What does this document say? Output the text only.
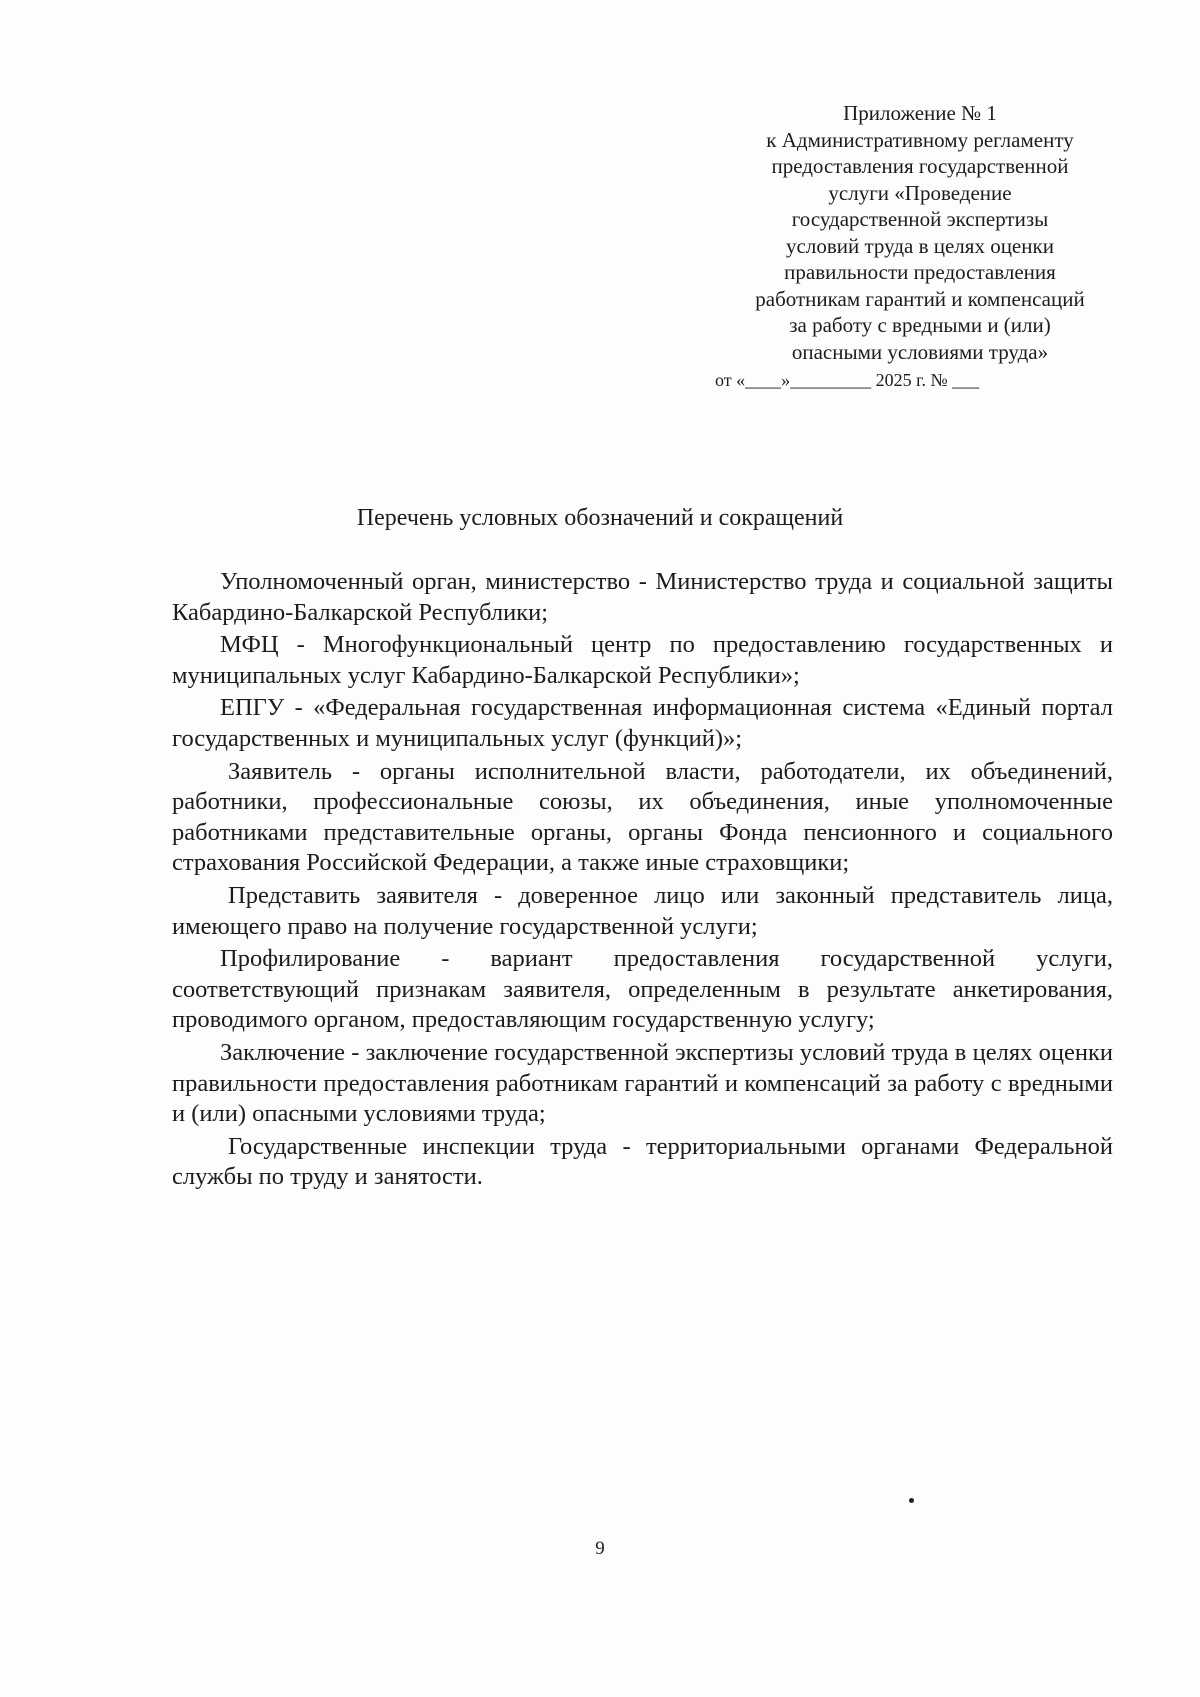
Приложение № 1
к Административному регламенту
предоставления государственной
услуги «Проведение
государственной экспертизы
условий труда в целях оценки
правильности предоставления
работникам гарантий и компенсаций
за работу с вредными и (или)
опасными условиями труда»
от «____»_________ 2025 г. № ___
Перечень условных обозначений и сокращений

Уполномоченный орган, министерство - Министерство труда и социальной защиты Кабардино-Балкарской Республики;

МФЦ - Многофункциональный центр по предоставлению государственных и муниципальных услуг Кабардино-Балкарской Республики»;

ЕПГУ - «Федеральная государственная информационная система «Единый портал государственных и муниципальных услуг (функций)»;

Заявитель - органы исполнительной власти, работодатели, их объединений, работники, профессиональные союзы, их объединения, иные уполномоченные работниками представительные органы, органы Фонда пенсионного и социального страхования Российской Федерации, а также иные страховщики;

Представить заявителя - доверенное лицо или законный представитель лица, имеющего право на получение государственной услуги;

Профилирование - вариант предоставления государственной услуги, соответствующий признакам заявителя, определенным в результате анкетирования, проводимого органом, предоставляющим государственную услугу;

Заключение - заключение государственной экспертизы условий труда в целях оценки правильности предоставления работникам гарантий и компенсаций за работу с вредными и (или) опасными условиями труда;

Государственные инспекции труда - территориальными органами Федеральной службы по труду и занятости.

9
